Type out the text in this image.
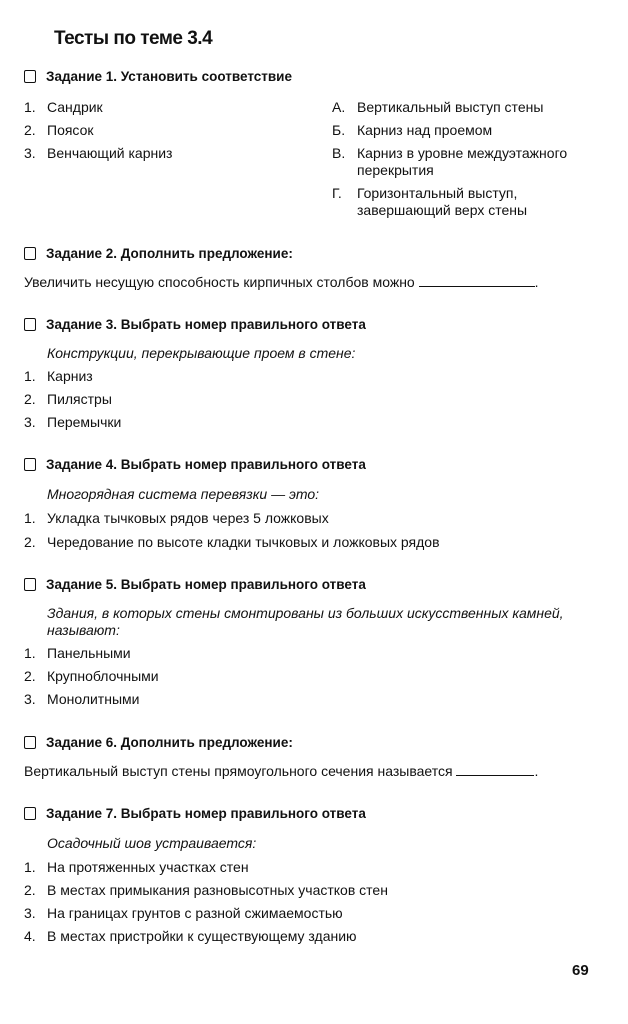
Тесты по теме 3.4
Задание 1. Установить соответствие
1. Сандрик
2. Поясок
3. Венчающий карниз
А. Вертикальный выступ стены
Б. Карниз над проемом
В. Карниз в уровне междуэтажного перекрытия
Г. Горизонтальный выступ, завершающий верх стены
Задание 2. Дополнить предложение:
Увеличить несущую способность кирпичных столбов можно	.
Задание 3. Выбрать номер правильного ответа
Конструкции, перекрывающие проем в стене:
1. Карниз
2. Пилястры
3. Перемычки
Задание 4. Выбрать номер правильного ответа
Многорядная система перевязки — это:
1. Укладка тычковых рядов через 5 ложковых
2. Чередование по высоте кладки тычковых и ложковых рядов
Задание 5. Выбрать номер правильного ответа
Здания, в которых стены смонтированы из больших искусственных камней, называют:
1. Панельными
2. Крупноблочными
3. Монолитными
Задание 6. Дополнить предложение:
Вертикальный выступ стены прямоугольного сечения называется	.
Задание 7. Выбрать номер правильного ответа
Осадочный шов устраивается:
1. На протяженных участках стен
2. В местах примыкания разновысотных участков стен
3. На границах грунтов с разной сжимаемостью
4. В местах пристройки к существующему зданию
69
